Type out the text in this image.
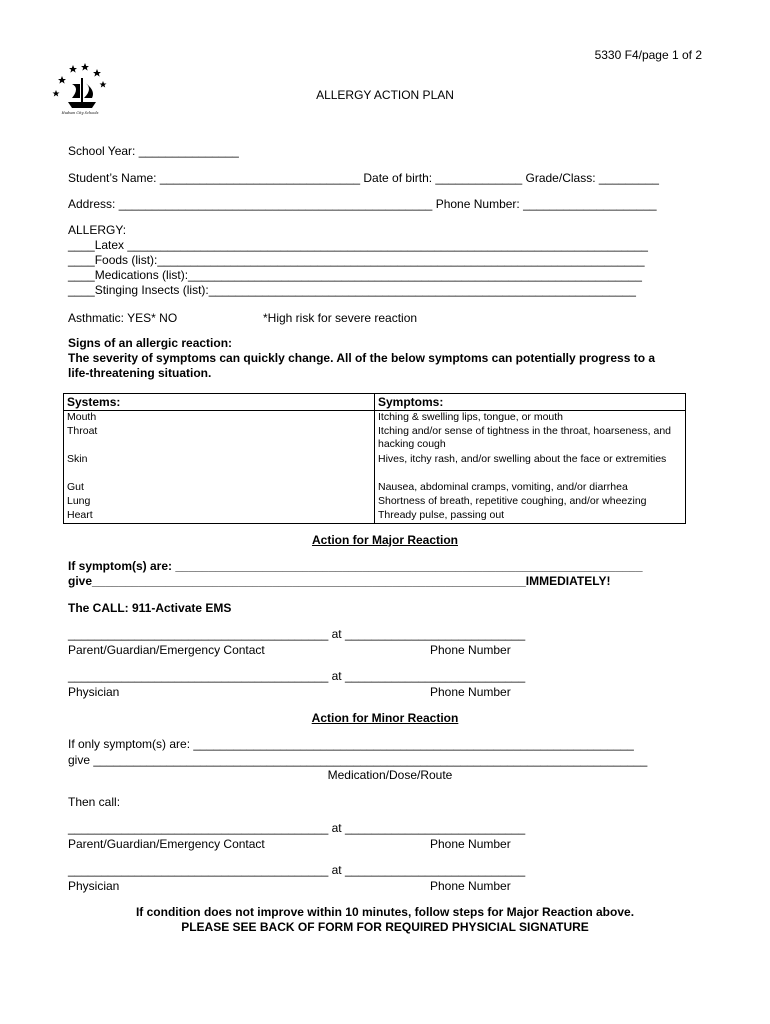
5330 F4/page 1 of 2
Hudson City Schools
ALLERGY ACTION PLAN
School Year: _______________
Student’s Name: ______________________________ Date of birth: _____________ Grade/Class: _________
Address: _______________________________________________ Phone Number: ____________________
ALLERGY:
____Latex ______________________________________________________________________________
____Foods (list):_________________________________________________________________________
____Medications (list):____________________________________________________________________
____Stinging Insects (list):________________________________________________________________
Asthmatic: YES* NO	*High risk for severe reaction
Signs of an allergic reaction:
The severity of symptoms can quickly change. All of the below symptoms can potentially progress to a
life-threatening situation.
Systems:	Symptoms:
Mouth	Itching & swelling lips, tongue, or mouth
Throat	Itching and/or sense of tightness in the throat, hoarseness, and hacking cough
Skin	Hives, itchy rash, and/or swelling about the face or extremities
Gut	Nausea, abdominal cramps, vomiting, and/or diarrhea
Lung	Shortness of breath, repetitive coughing, and/or wheezing
Heart	Thready pulse, passing out
Action for Major Reaction
If symptom(s) are: ______________________________________________________________________
give_________________________________________________________________IMMEDIATELY!
The CALL: 911-Activate EMS
_______________________________________ at ___________________________
Parent/Guardian/Emergency Contact	Phone Number
_______________________________________ at ___________________________
Physician	Phone Number
Action for Minor Reaction
If only symptom(s) are: __________________________________________________________________
give ___________________________________________________________________________________
Medication/Dose/Route
Then call:
_______________________________________ at ___________________________
Parent/Guardian/Emergency Contact	Phone Number
_______________________________________ at ___________________________
Physician	Phone Number
If condition does not improve within 10 minutes, follow steps for Major Reaction above.
PLEASE SEE BACK OF FORM FOR REQUIRED PHYSICIAL SIGNATURE
